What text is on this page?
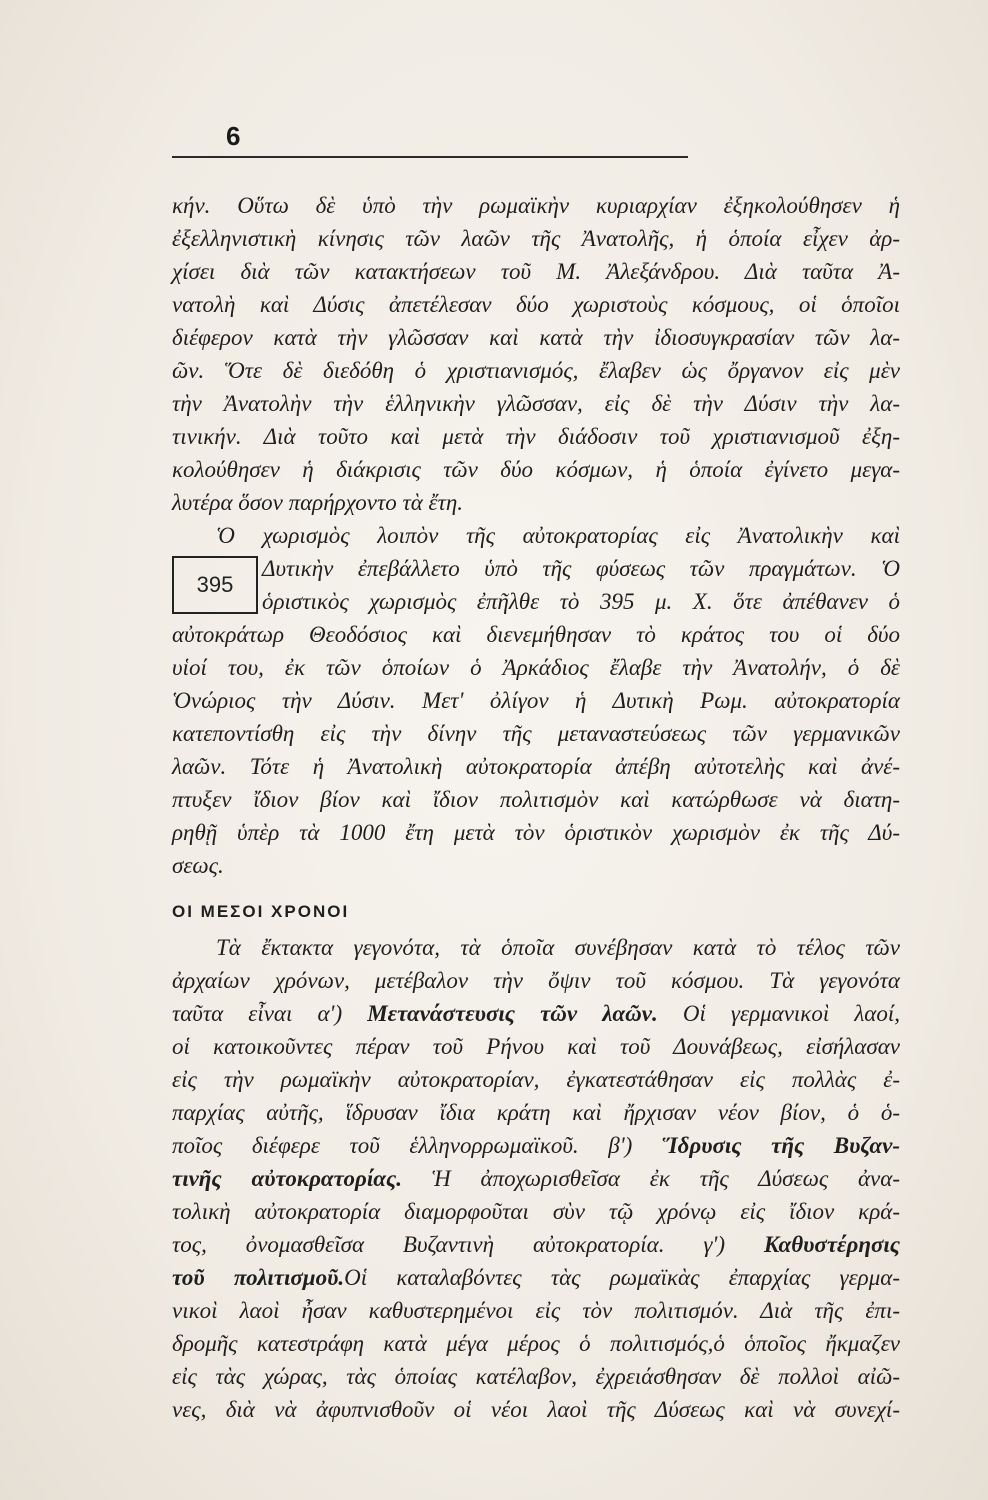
6
κήν. Οὕτω δὲ ὑπὸ τὴν ρωμαϊκὴν κυριαρχίαν ἐξηκολούθησεν ἡ
ἐξελληνιστικὴ κίνησις τῶν λαῶν τῆς Ἀνατολῆς, ἡ ὁποία εἶχεν ἀρ-
χίσει διὰ τῶν κατακτήσεων τοῦ Μ. Ἀλεξάνδρου. Διὰ ταῦτα Ἀ-
νατολὴ καὶ Δύσις ἀπετέλεσαν δύο χωριστοὺς κόσμους, οἱ ὁποῖοι
διέφερον κατὰ τὴν γλῶσσαν καὶ κατὰ τὴν ἰδιοσυγκρασίαν τῶν λα-
ῶν. Ὅτε δὲ διεδόθη ὁ χριστιανισμός, ἔλαβεν ὡς ὄργανον εἰς μὲν
τὴν Ἀνατολὴν τὴν ἑλληνικὴν γλῶσσαν, εἰς δὲ τὴν Δύσιν τὴν λα-
τινικήν. Διὰ τοῦτο καὶ μετὰ τὴν διάδοσιν τοῦ χριστιανισμοῦ ἐξη-
κολούθησεν ἡ διάκρισις τῶν δύο κόσμων, ἡ ὁποία ἐγίνετο μεγα-
λυτέρα ὅσον παρήρχοντο τὰ ἔτη.
Ὁ χωρισμὸς λοιπὸν τῆς αὐτοκρατορίας εἰς Ἀνατολικὴν καὶ
Δυτικὴν ἐπεβάλλετο ὑπὸ τῆς φύσεως τῶν πραγμάτων. Ὁ
ὁριστικὸς χωρισμὸς ἐπῆλθε τὸ 395 μ. Χ. ὅτε ἀπέθανεν ὁ
αὐτοκράτωρ Θεοδόσιος καὶ διενεμήθησαν τὸ κράτος του οἱ δύο
υἱοί του, ἐκ τῶν ὁποίων ὁ Ἀρκάδιος ἔλαβε τὴν Ἀνατολήν, ὁ δὲ
Ὁνώριος τὴν Δύσιν. Μετ' ὀλίγον ἡ Δυτικὴ Ρωμ. αὐτοκρατορία
κατεποντίσθη εἰς τὴν δίνην τῆς μεταναστεύσεως τῶν γερμανικῶν
λαῶν. Τότε ἡ Ἀνατολικὴ αὐτοκρατορία ἀπέβη αὐτοτελὴς καὶ ἀνέ-
πτυξεν ἴδιον βίον καὶ ἴδιον πολιτισμὸν καὶ κατώρθωσε νὰ διατη-
ρηθῇ ὑπὲρ τὰ 1000 ἔτη μετὰ τὸν ὁριστικὸν χωρισμὸν ἐκ τῆς Δύ-
σεως.
395
ΟΙ ΜΕΣΟΙ ΧΡΟΝΟΙ
Τὰ ἔκτακτα γεγονότα, τὰ ὁποῖα συνέβησαν κατὰ τὸ τέλος τῶν
ἀρχαίων χρόνων, μετέβαλον τὴν ὄψιν τοῦ κόσμου. Τὰ γεγονότα
ταῦτα εἶναι α') Μετανάστευσις τῶν λαῶν. Οἱ γερμανικοὶ λαοί,
οἱ κατοικοῦντες πέραν τοῦ Ρήνου καὶ τοῦ Δουνάβεως, εἰσήλασαν
εἰς τὴν ρωμαϊκὴν αὐτοκρατορίαν, ἐγκατεστάθησαν εἰς πολλὰς ἐ-
παρχίας αὐτῆς, ἵδρυσαν ἴδια κράτη καὶ ἤρχισαν νέον βίον, ὁ ὁ-
ποῖος διέφερε τοῦ ἑλληνορρωμαϊκοῦ. β') Ἵδρυσις τῆς Βυζαν-
τινῆς αὐτοκρατορίας. Ἡ ἀποχωρισθεῖσα ἐκ τῆς Δύσεως ἀνα-
τολικὴ αὐτοκρατορία διαμορφοῦται σὺν τῷ χρόνῳ εἰς ἴδιον κρά-
τος, ὀνομασθεῖσα Βυζαντινὴ αὐτοκρατορία. γ') Καθυστέρησις
τοῦ πολιτισμοῦ.Οἱ καταλαβόντες τὰς ρωμαϊκὰς ἐπαρχίας γερμα-
νικοὶ λαοὶ ἦσαν καθυστερημένοι εἰς τὸν πολιτισμόν. Διὰ τῆς ἐπι-
δρομῆς κατεστράφη κατὰ μέγα μέρος ὁ πολιτισμός,ὁ ὁποῖος ἤκμαζεν
εἰς τὰς χώρας, τὰς ὁποίας κατέλαβον, ἐχρειάσθησαν δὲ πολλοὶ αἰῶ-
νες, διὰ νὰ ἀφυπνισθοῦν οἱ νέοι λαοὶ τῆς Δύσεως καὶ νὰ συνεχί-
